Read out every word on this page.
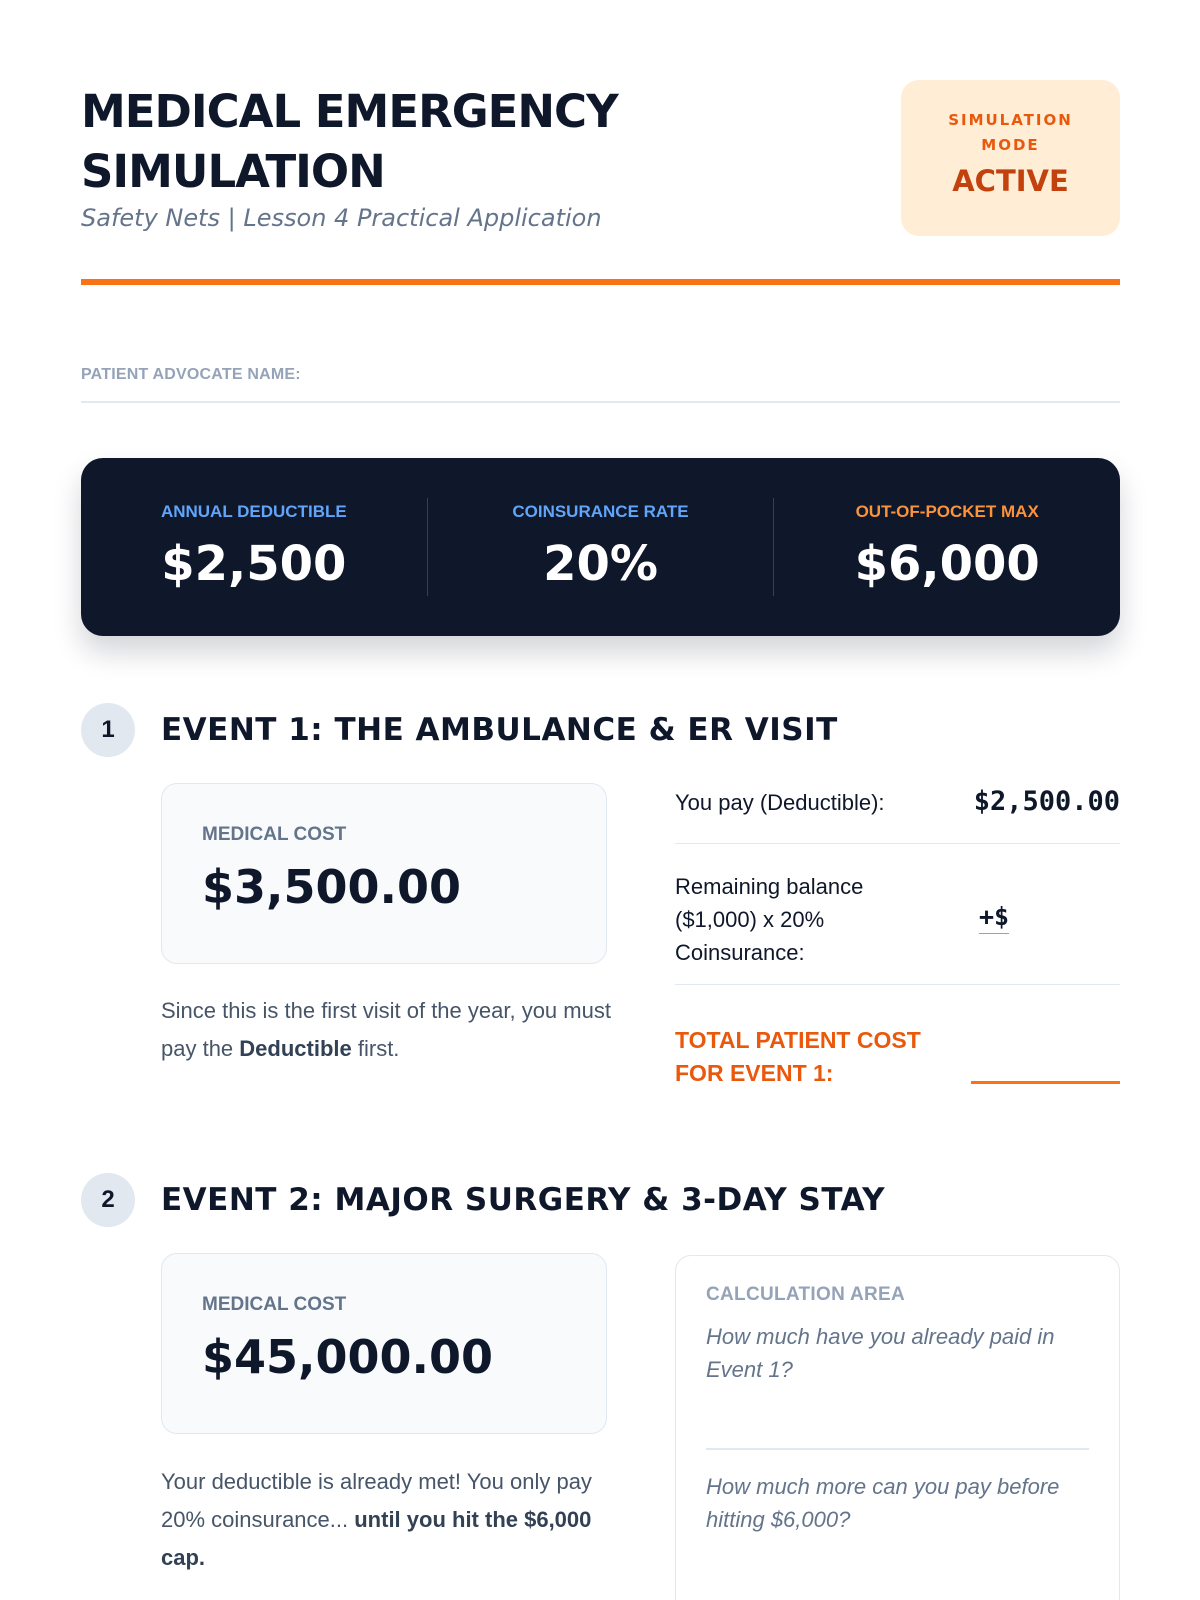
MEDICAL EMERGENCY
SIMULATION
Safety Nets | Lesson 4 Practical Application
SIMULATION
MODE
ACTIVE
PATIENT ADVOCATE NAME:
ANNUAL DEDUCTIBLE
$2,500
COINSURANCE RATE
20%
OUT-OF-POCKET MAX
$6,000
1	EVENT 1: THE AMBULANCE & ER VISIT
MEDICAL COST
$3,500.00
Since this is the first visit of the year, you must pay the Deductible first.
You pay (Deductible):	$2,500.00
Remaining balance
($1,000) x 20%
Coinsurance:
+$
TOTAL PATIENT COST
FOR EVENT 1:
2	EVENT 2: MAJOR SURGERY & 3-DAY STAY
MEDICAL COST
$45,000.00
Your deductible is already met! You only pay 20% coinsurance... until you hit the $6,000 cap.
CALCULATION AREA
How much have you already paid in Event 1?
How much more can you pay before hitting $6,000?
